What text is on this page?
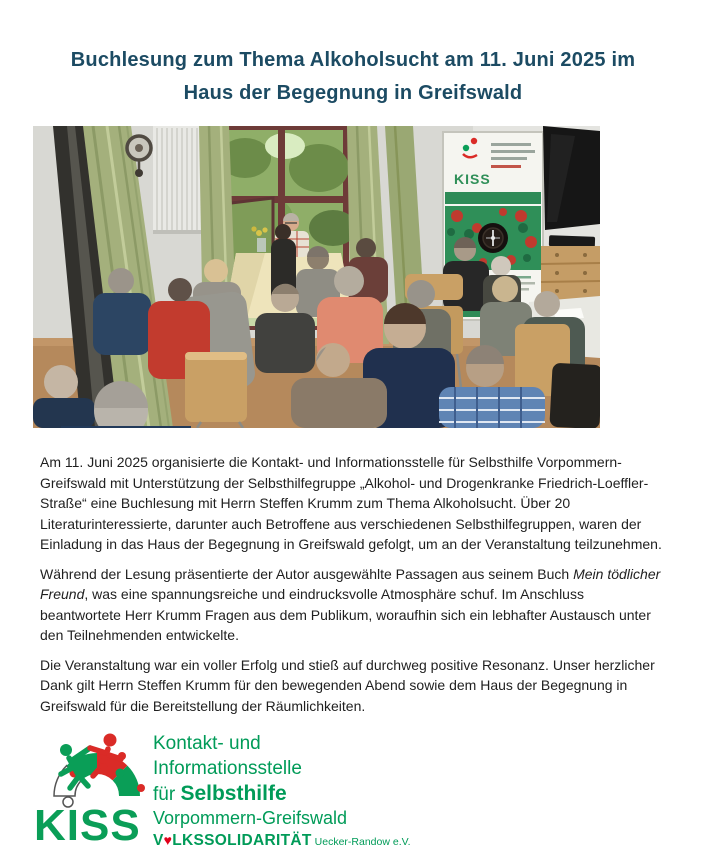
Buchlesung zum Thema Alkoholsucht am 11. Juni 2025 im
Haus der Begegnung in Greifswald
KISS

Am 11. Juni 2025 organisierte die Kontakt- und Informationsstelle für Selbsthilfe Vorpommern-Greifswald mit Unterstützung der Selbsthilfegruppe „Alkohol- und Drogenkranke Friedrich-Loeffler-Straße“ eine Buchlesung mit Herrn Steffen Krumm zum Thema Alkoholsucht. Über 20 Literaturinteressierte, darunter auch Betroffene aus verschiedenen Selbsthilfegruppen, waren der Einladung in das Haus der Begegnung in Greifswald gefolgt, um an der Veranstaltung teilzunehmen.

Während der Lesung präsentierte der Autor ausgewählte Passagen aus seinem Buch Mein tödlicher Freund, was eine spannungsreiche und eindrucksvolle Atmosphäre schuf. Im Anschluss beantwortete Herr Krumm Fragen aus dem Publikum, woraufhin sich ein lebhafter Austausch unter den Teilnehmenden entwickelte.

Die Veranstaltung war ein voller Erfolg und stieß auf durchweg positive Resonanz. Unser herzlicher Dank gilt Herrn Steffen Krumm für den bewegenden Abend sowie dem Haus der Begegnung in Greifswald für die Bereitstellung der Räumlichkeiten.

KISS
Kontakt- und
Informationsstelle
für Selbsthilfe
Vorpommern-Greifswald
V♥LKSSOLIDARITÄT Uecker-Randow e.V.
